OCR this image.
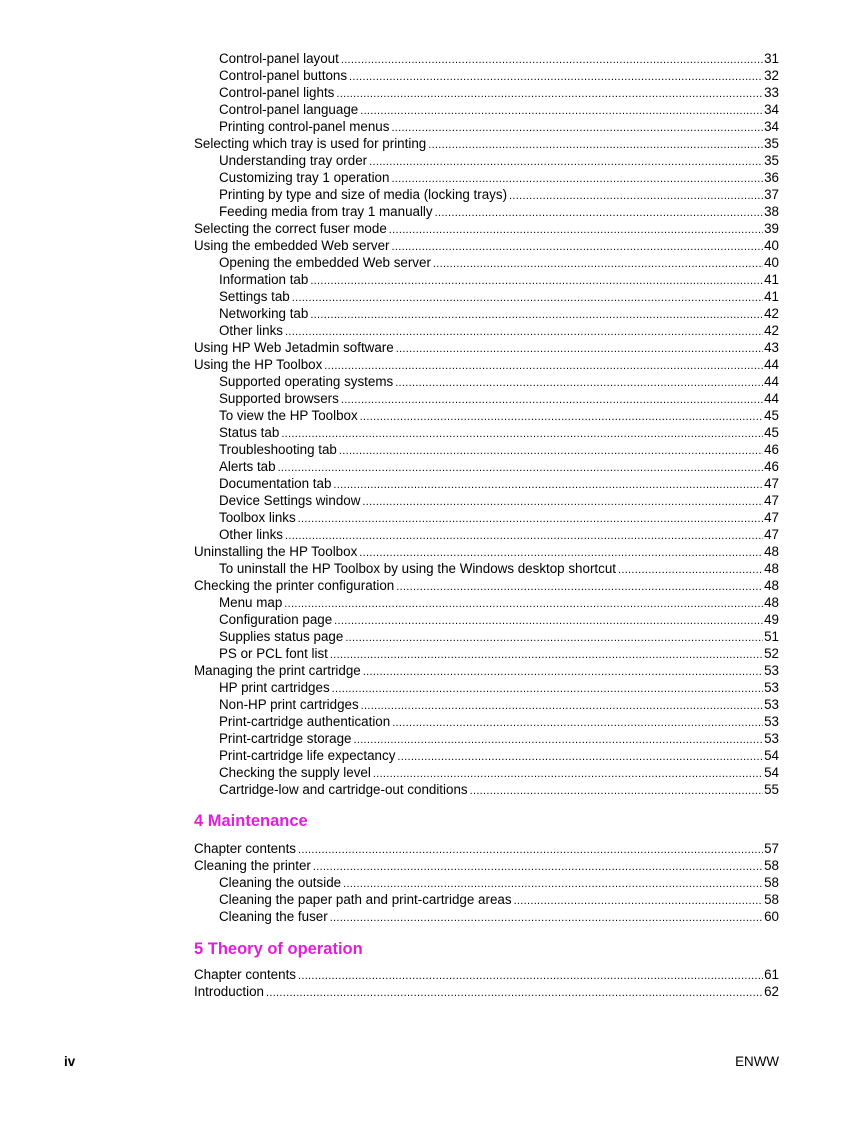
Control-panel layout .....	31
Control-panel buttons .....	32
Control-panel lights .....	33
Control-panel language .....	34
Printing control-panel menus .....	34
Selecting which tray is used for printing .....	35
Understanding tray order .....	35
Customizing tray 1 operation .....	36
Printing by type and size of media (locking trays) .....	37
Feeding media from tray 1 manually .....	38
Selecting the correct fuser mode .....	39
Using the embedded Web server .....	40
Opening the embedded Web server .....	40
Information tab .....	41
Settings tab .....	41
Networking tab .....	42
Other links .....	42
Using HP Web Jetadmin software .....	43
Using the HP Toolbox .....	44
Supported operating systems .....	44
Supported browsers .....	44
To view the HP Toolbox .....	45
Status tab .....	45
Troubleshooting tab .....	46
Alerts tab .....	46
Documentation tab .....	47
Device Settings window .....	47
Toolbox links .....	47
Other links .....	47
Uninstalling the HP Toolbox .....	48
To uninstall the HP Toolbox by using the Windows desktop shortcut .....	48
Checking the printer configuration .....	48
Menu map .....	48
Configuration page .....	49
Supplies status page .....	51
PS or PCL font list .....	52
Managing the print cartridge .....	53
HP print cartridges .....	53
Non-HP print cartridges .....	53
Print-cartridge authentication .....	53
Print-cartridge storage .....	53
Print-cartridge life expectancy .....	54
Checking the supply level .....	54
Cartridge-low and cartridge-out conditions .....	55
4 Maintenance
Chapter contents .....	57
Cleaning the printer .....	58
Cleaning the outside .....	58
Cleaning the paper path and print-cartridge areas .....	58
Cleaning the fuser .....	60
5 Theory of operation
Chapter contents .....	61
Introduction .....	62
iv	ENWW
